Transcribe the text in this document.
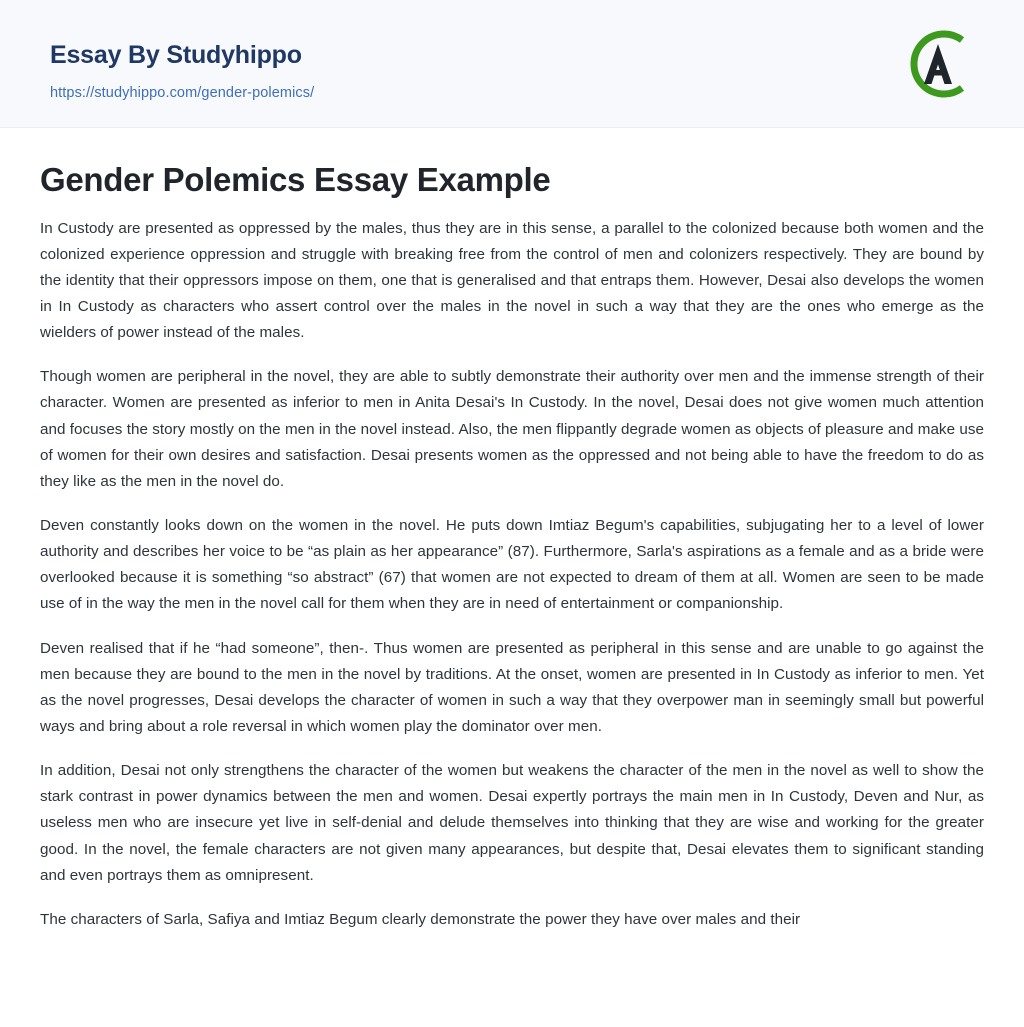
Essay By Studyhippo
https://studyhippo.com/gender-polemics/
Gender Polemics Essay Example

In Custody are presented as oppressed by the males, thus they are in this sense, a parallel to the colonized because both women and the colonized experience oppression and struggle with breaking free from the control of men and colonizers respectively. They are bound by the identity that their oppressors impose on them, one that is generalised and that entraps them. However, Desai also develops the women in In Custody as characters who assert control over the males in the novel in such a way that they are the ones who emerge as the wielders of power instead of the males.

Though women are peripheral in the novel, they are able to subtly demonstrate their authority over men and the immense strength of their character. Women are presented as inferior to men in Anita Desai's In Custody. In the novel, Desai does not give women much attention and focuses the story mostly on the men in the novel instead. Also, the men flippantly degrade women as objects of pleasure and make use of women for their own desires and satisfaction. Desai presents women as the oppressed and not being able to have the freedom to do as they like as the men in the novel do.

Deven constantly looks down on the women in the novel. He puts down Imtiaz Begum's capabilities, subjugating her to a level of lower authority and describes her voice to be “as plain as her appearance” (87). Furthermore, Sarla's aspirations as a female and as a bride were overlooked because it is something “so abstract” (67) that women are not expected to dream of them at all. Women are seen to be made use of in the way the men in the novel call for them when they are in need of entertainment or companionship.

Deven realised that if he “had someone”, then-. Thus women are presented as peripheral in this sense and are unable to go against the men because they are bound to the men in the novel by traditions. At the onset, women are presented in In Custody as inferior to men. Yet as the novel progresses, Desai develops the character of women in such a way that they overpower man in seemingly small but powerful ways and bring about a role reversal in which women play the dominator over men.

In addition, Desai not only strengthens the character of the women but weakens the character of the men in the novel as well to show the stark contrast in power dynamics between the men and women. Desai expertly portrays the main men in In Custody, Deven and Nur, as useless men who are insecure yet live in self-denial and delude themselves into thinking that they are wise and working for the greater good. In the novel, the female characters are not given many appearances, but despite that, Desai elevates them to significant standing and even portrays them as omnipresent.

The characters of Sarla, Safiya and Imtiaz Begum clearly demonstrate the power they have over males and their
